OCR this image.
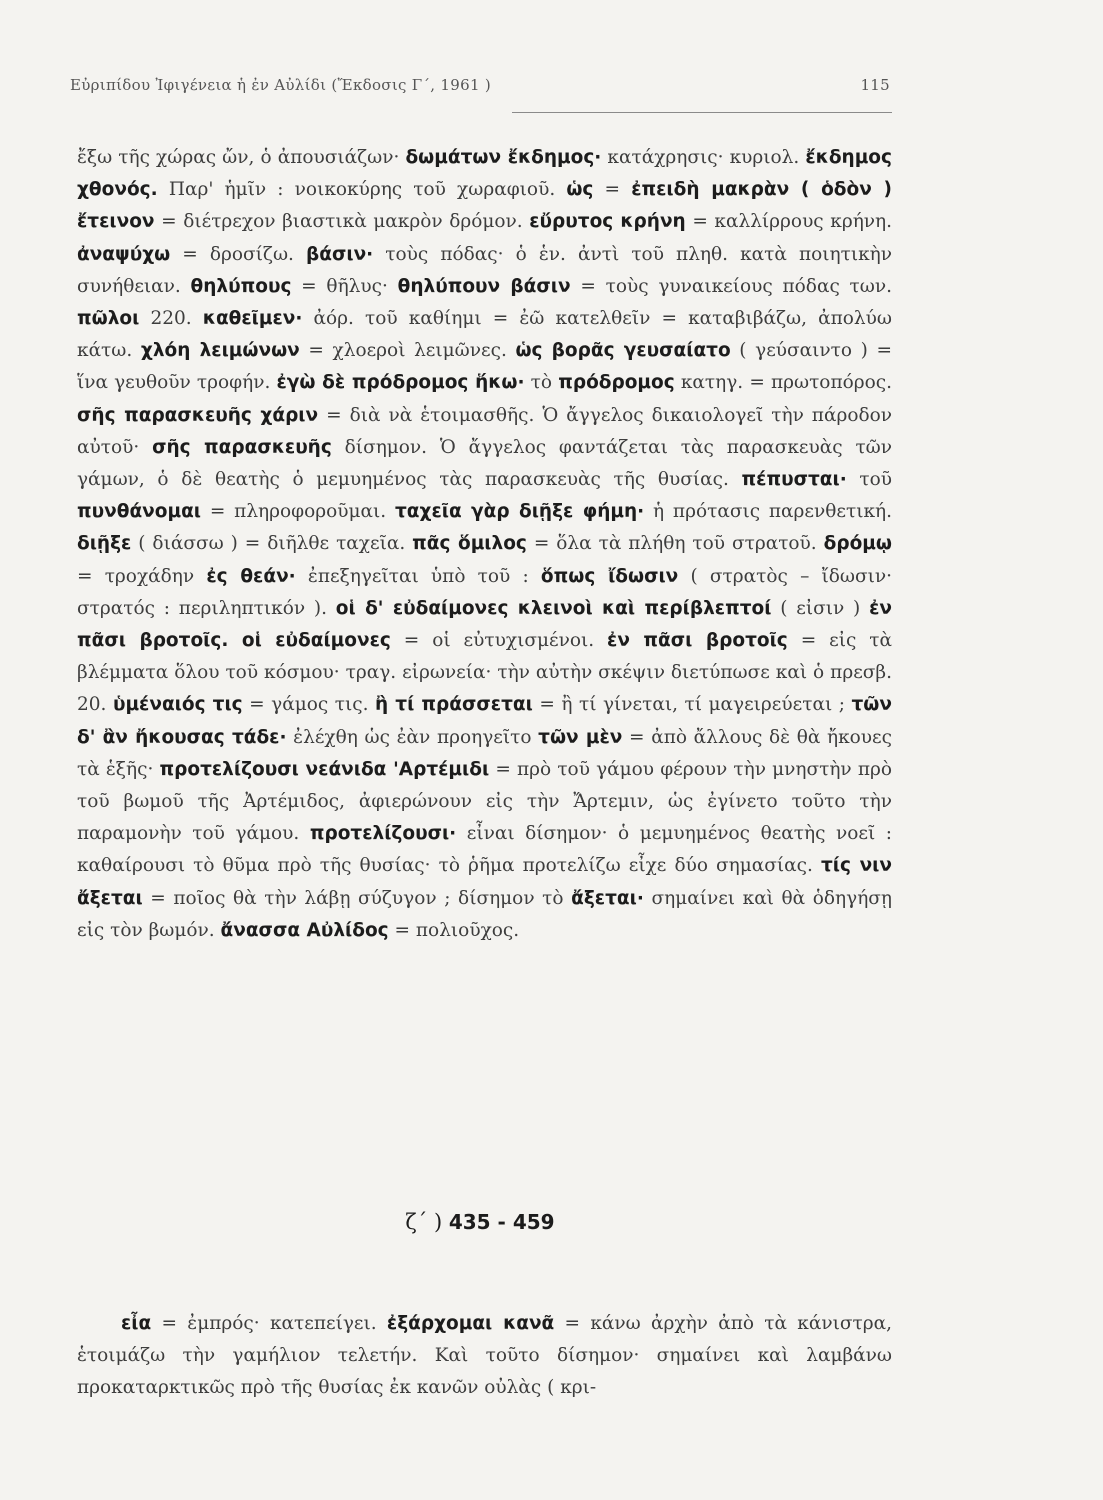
Εὐριπίδου Ἰφιγένεια ἡ ἐν Αὐλίδι (Ἔκδοσις Γ΄, 1961 )	115
ἔξω τῆς χώρας ὤν, ὁ ἀπουσιάζων· δωμάτων ἔκδημος· κατάχρησις· κυριολ. ἔκδημος χθονός. Παρ' ἡμῖν : νοικοκύρης τοῦ χωραφιοῦ. ὡς = ἐπειδὴ μακρὰν ( ὁδὸν ) ἔτεινον = διέτρεχον βιαστικὰ μακρὸν δρόμον. εὔρυτος κρήνη = καλλίρρους κρήνη. ἀναψύχω = δροσίζω. βάσιν· τοὺς πόδας· ὁ ἑν. ἀντὶ τοῦ πληθ. κατὰ ποιητικὴν συνήθειαν. θηλύπους = θῆλυς· θηλύπουν βάσιν = τοὺς γυναικείους πόδας των. πῶλοι 220. καθεῖμεν· ἀόρ. τοῦ καθίημι = ἐῶ κατελθεῖν = καταβιβάζω, ἀπολύω κάτω. χλόη λειμώνων = χλοεροὶ λειμῶνες. ὡς βορᾶς γευσαίατο ( γεύσαιντο ) = ἵνα γευθοῦν τροφήν. ἐγὼ δὲ πρόδρομος ἥκω· τὸ πρόδρομος κατηγ. = πρωτοπόρος. σῆς παρασκευῆς χάριν = διὰ νὰ ἑτοιμασθῆς. Ὁ ἄγγελος δικαιολογεῖ τὴν πάροδον αὐτοῦ· σῆς παρασκευῆς δίσημον. Ὁ ἄγγελος φαντάζεται τὰς παρασκευὰς τῶν γάμων, ὁ δὲ θεατὴς ὁ μεμυημένος τὰς παρασκευὰς τῆς θυσίας. πέπυσται· τοῦ πυνθάνομαι = πληροφοροῦμαι. ταχεῖα γὰρ διῇξε φήμη· ἡ πρότασις παρενθετική. διῇξε ( διάσσω ) = διῆλθε ταχεῖα. πᾶς ὅμιλος = ὅλα τὰ πλήθη τοῦ στρατοῦ. δρόμῳ = τροχάδην ἐς θεάν· ἐπεξηγεῖται ὑπὸ τοῦ : ὅπως ἴδωσιν ( στρατὸς – ἴδωσιν· στρατός : περιληπτικόν ). οἱ δ' εὐδαίμονες κλεινοὶ καὶ περίβλεπτοί ( εἰσιν ) ἐν πᾶσι βροτοῖς. οἱ εὐδαίμονες = οἱ εὐτυχισμένοι. ἐν πᾶσι βροτοῖς = εἰς τὰ βλέμματα ὅλου τοῦ κόσμου· τραγ. εἰρωνεία· τὴν αὐτὴν σκέψιν διετύπωσε καὶ ὁ πρεσβ. 20. ὑμέναιός τις = γάμος τις. ἢ τί πράσσεται = ἢ τί γίνεται, τί μαγειρεύεται ; τῶν δ' ἂν ἤκουσας τάδε· ἐλέχθη ὡς ἐὰν προηγεῖτο τῶν μὲν = ἀπὸ ἄλλους δὲ θὰ ἤκουες τὰ ἑξῆς· προτελίζουσι νεάνιδα 'Αρτέμιδι = πρὸ τοῦ γάμου φέρουν τὴν μνηστὴν πρὸ τοῦ βωμοῦ τῆς Ἀρτέμιδος, ἀφιερώνουν εἰς τὴν Ἄρτεμιν, ὡς ἐγίνετο τοῦτο τὴν παραμονὴν τοῦ γάμου. προτελίζουσι· εἶναι δίσημον· ὁ μεμυημένος θεατὴς νοεῖ : καθαίρουσι τὸ θῦμα πρὸ τῆς θυσίας· τὸ ῥῆμα προτελίζω εἶχε δύο σημασίας. τίς νιν ἄξεται = ποῖος θὰ τὴν λάβῃ σύζυγον ; δίσημον τὸ ἄξεται· σημαίνει καὶ θὰ ὁδηγήσῃ εἰς τὸν βωμόν. ἄνασσα Αὐλίδος = πολιοῦχος.
ζ΄ ) 435 - 459
εἶα = ἐμπρός· κατεπείγει. ἐξάρχομαι κανᾶ = κάνω ἀρχὴν ἀπὸ τὰ κάνιστρα, ἑτοιμάζω τὴν γαμήλιον τελετήν. Καὶ τοῦτο δίσημον· σημαίνει καὶ λαμβάνω προκαταρκτικῶς πρὸ τῆς θυσίας ἐκ κανῶν οὐλὰς ( κρι-
